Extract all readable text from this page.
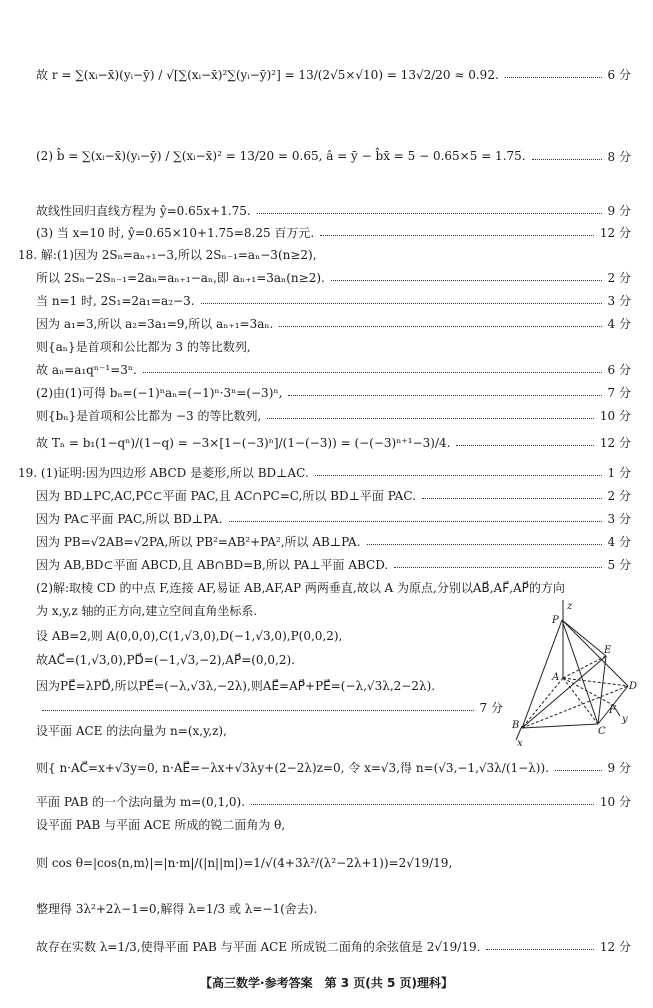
故 r = ∑(xᵢ−x̄)(yᵢ−ȳ) / √[∑(xᵢ−x̄)²∑(yᵢ−ȳ)²] = 13/(2√5×√10) = 13√2/20 ≈ 0.92.	6 分
(2) b̂ = ∑(xᵢ−x̄)(yᵢ−ȳ) / ∑(xᵢ−x̄)² = 13/20 = 0.65, â = ȳ − b̂x̄ = 5 − 0.65×5 = 1.75.	8 分
故线性回归直线方程为 ŷ=0.65x+1.75.	9 分
(3) 当 x=10 时, ŷ=0.65×10+1.75=8.25 百万元.	12 分
18. 解:(1)因为 2Sₙ=aₙ₊₁−3,所以 2Sₙ₋₁=aₙ−3(n≥2),
所以 2Sₙ−2Sₙ₋₁=2aₙ=aₙ₊₁−aₙ,即 aₙ₊₁=3aₙ(n≥2).	2 分
当 n=1 时, 2S₁=2a₁=a₂−3.	3 分
因为 a₁=3,所以 a₂=3a₁=9,所以 aₙ₊₁=3aₙ.	4 分
则{aₙ}是首项和公比都为 3 的等比数列,
故 aₙ=a₁qⁿ⁻¹=3ⁿ.	6 分
(2)由(1)可得 bₙ=(−1)ⁿaₙ=(−1)ⁿ·3ⁿ=(−3)ⁿ,	7 分
则{bₙ}是首项和公比都为 −3 的等比数列,	10 分
故 Tₙ = b₁(1−qⁿ)/(1−q) = −3×[1−(−3)ⁿ]/(1−(−3)) = (−(−3)ⁿ⁺¹−3)/4.	12 分
19. (1)证明:因为四边形 ABCD 是菱形,所以 BD⊥AC.	1 分
因为 BD⊥PC,AC,PC⊂平面 PAC,且 AC∩PC=C,所以 BD⊥平面 PAC.	2 分
因为 PA⊂平面 PAC,所以 BD⊥PA.	3 分
因为 PB=√2AB=√2PA,所以 PB²=AB²+PA²,所以 AB⊥PA.	4 分
因为 AB,BD⊂平面 ABCD,且 AB∩BD=B,所以 PA⊥平面 ABCD.	5 分
(2)解:取棱 CD 的中点 F,连接 AF,易证 AB,AF,AP 两两垂直,故以 A 为原点,分别以AB⃗,AF⃗,AP⃗的方向
为 x,y,z 轴的正方向,建立空间直角坐标系.
设 AB=2,则 A(0,0,0),C(1,√3,0),D(−1,√3,0),P(0,0,2),
故AC⃗=(1,√3,0),PD⃗=(−1,√3,−2),AP⃗=(0,0,2).
因为PE⃗=λPD⃗,所以PE⃗=(−λ,√3λ,−2λ),则AE⃗=AP⃗+PE⃗=(−λ,√3λ,2−2λ).
7 分
设平面 ACE 的法向量为 n=(x,y,z),
则{ n·AC⃗=x+√3y=0, n·AE⃗=−λx+√3λy+(2−2λ)z=0, 令 x=√3,得 n=(√3,−1,√3λ/(1−λ)).	9 分
平面 PAB 的一个法向量为 m=(0,1,0).	10 分
设平面 PAB 与平面 ACE 所成的锐二面角为 θ,
则 cos θ=|cos⟨n,m⟩|=|n·m|/(|n||m|)=1/√(4+3λ²/(λ²−2λ+1))=2√19/19,
整理得 3λ²+2λ−1=0,解得 λ=1/3 或 λ=−1(舍去).
故存在实数 λ=1/3,使得平面 PAB 与平面 ACE 所成锐二面角的余弦值是 2√19/19.	12 分
z
P
E
A
D
F
y
B
C
x
【高三数学·参考答案　第 3 页(共 5 页)理科】
